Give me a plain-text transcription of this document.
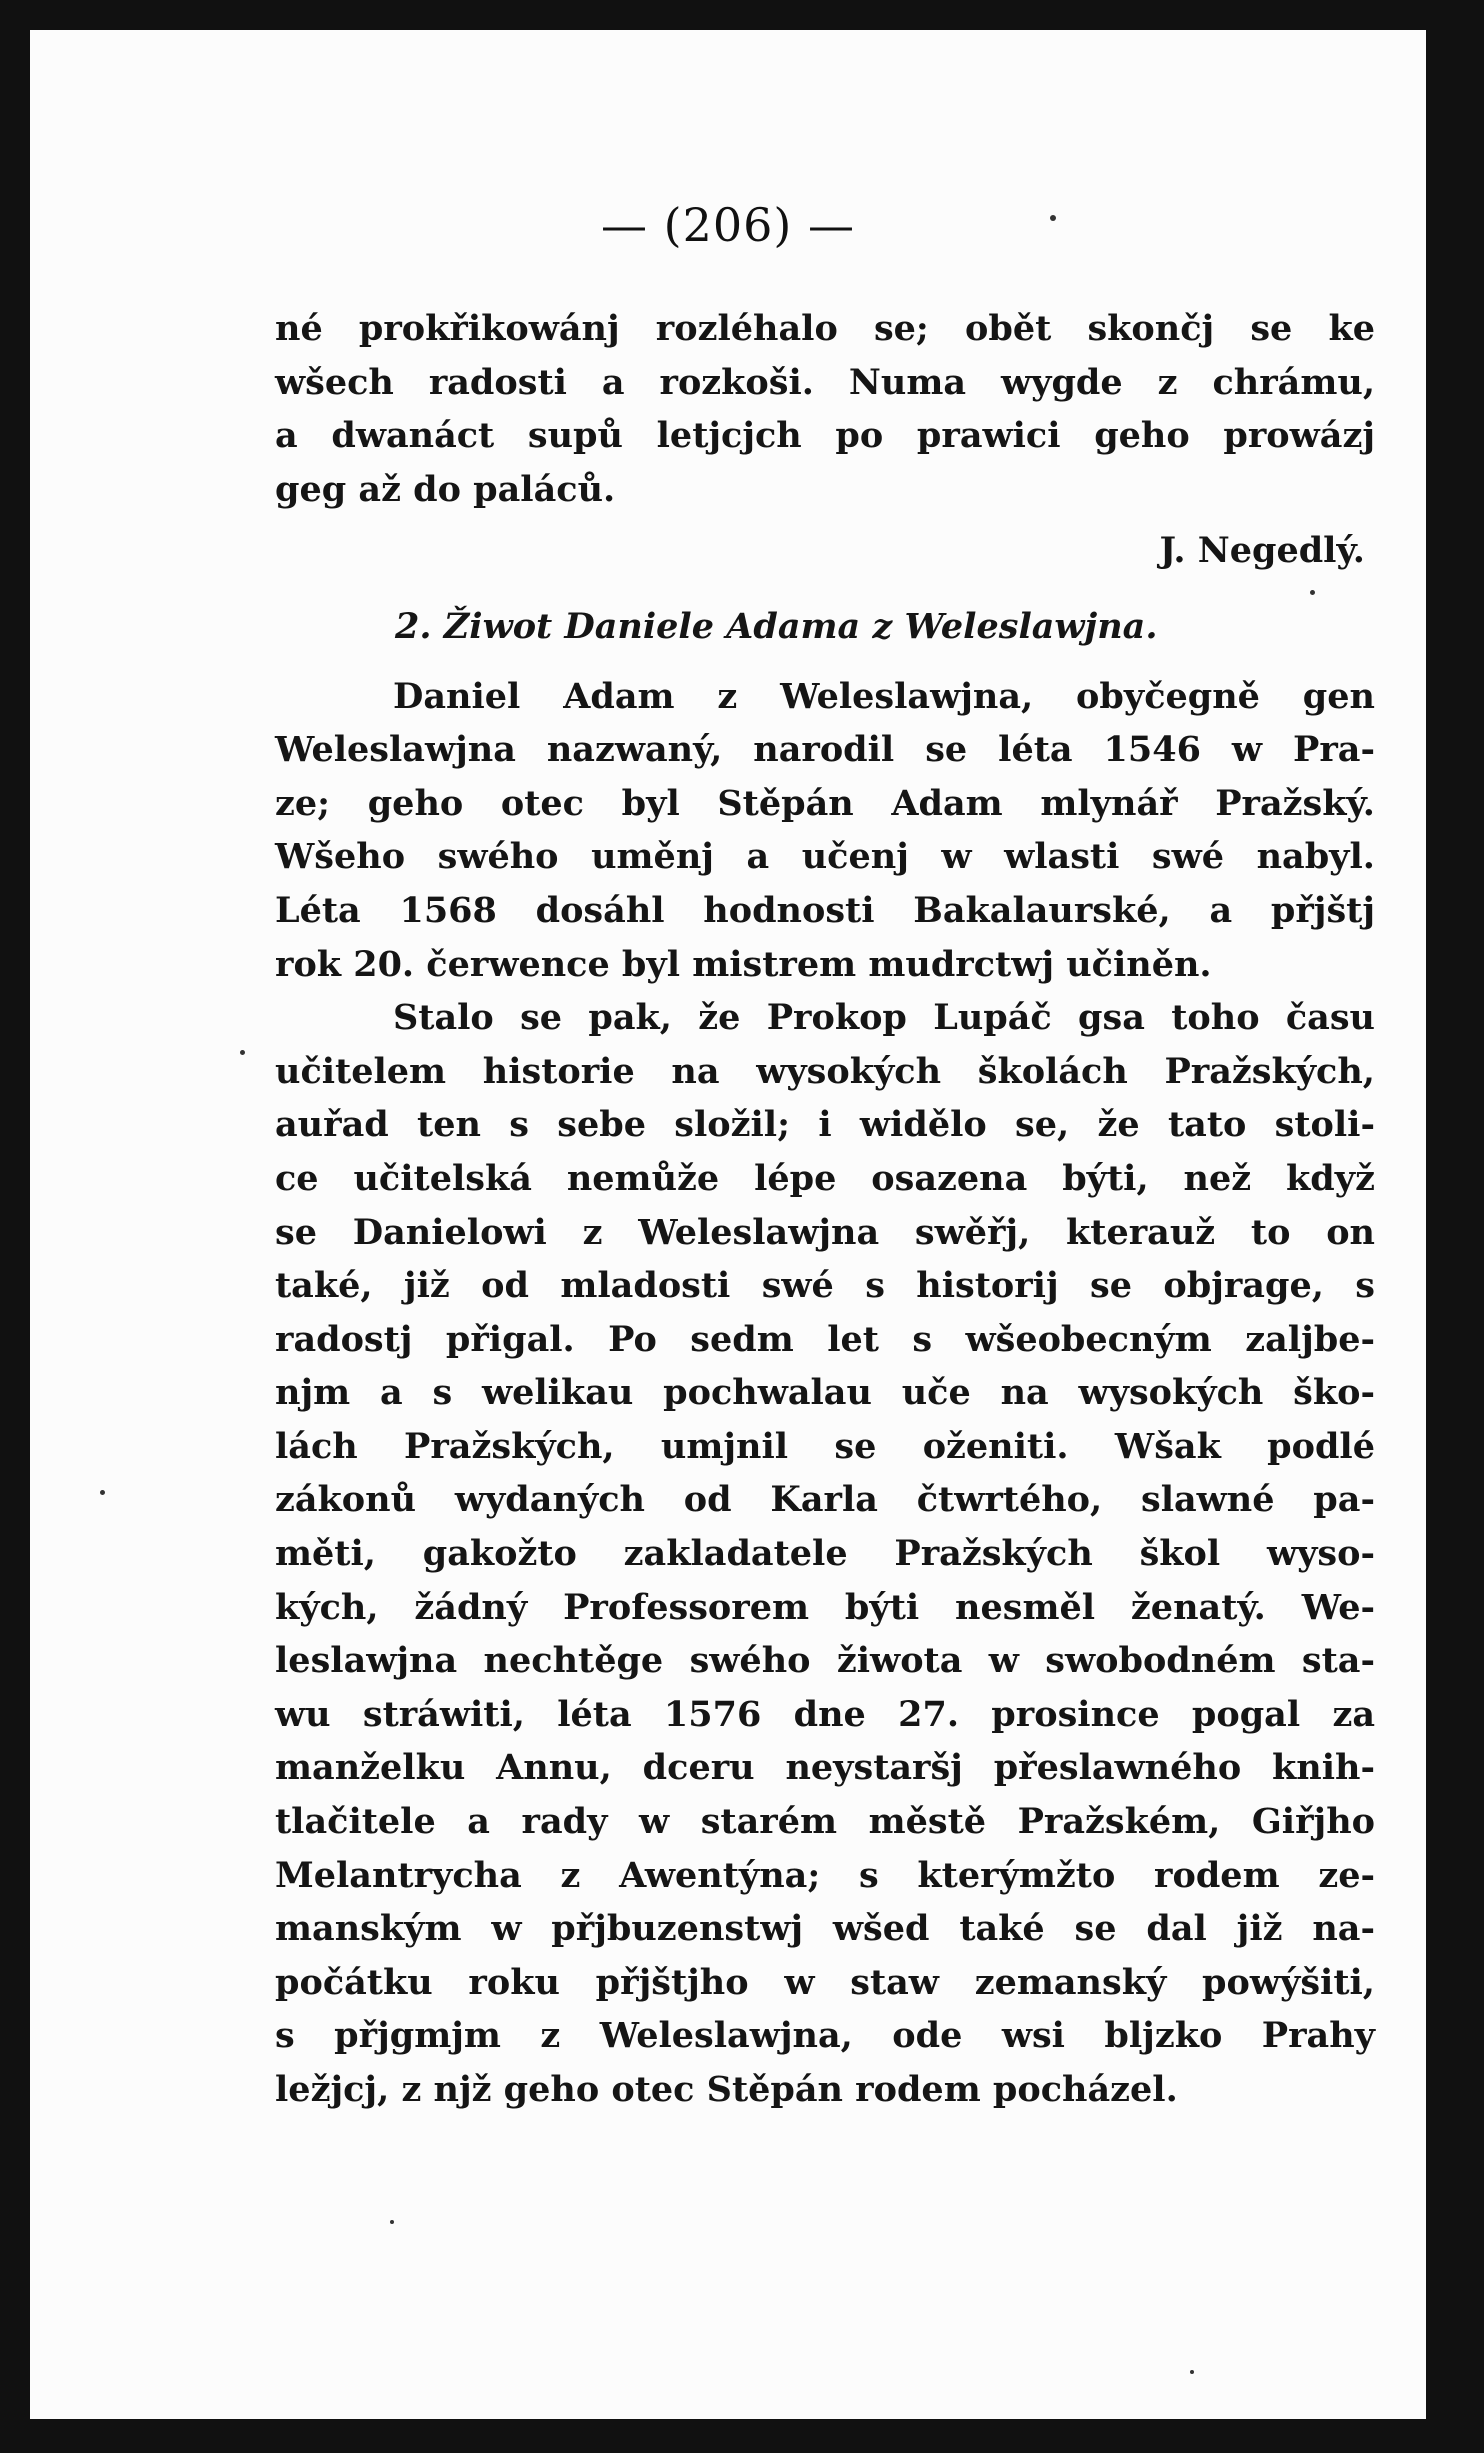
— (206) —
né prokřikowánj rozléhalo se; obět skončj se ke
wšech radosti a rozkoši. Numa wygde z chrámu,
a dwanáct supů letjcjch po prawici geho prowázj
geg až do paláců.
J. Negedlý.
2. Žiwot Daniele Adama z Weleslawjna.
Daniel Adam z Weleslawjna, obyčegně gen
Weleslawjna nazwaný, narodil se léta 1546 w Pra-
ze; geho otec byl Stěpán Adam mlynář Pražský.
Wšeho swého uměnj a učenj w wlasti swé nabyl.
Léta 1568 dosáhl hodnosti Bakalaurské, a přjštj
rok 20. čerwence byl mistrem mudrctwj učiněn.
Stalo se pak, že Prokop Lupáč gsa toho času
učitelem historie na wysokých školách Pražských,
auřad ten s sebe složil; i widělo se, že tato stoli-
ce učitelská nemůže lépe osazena býti, než když
se Danielowi z Weleslawjna swěřj, kterauž to on
také, již od mladosti swé s historij se objrage, s
radostj přigal. Po sedm let s wšeobecným zaljbe-
njm a s welikau pochwalau uče na wysokých ško-
lách Pražských, umjnil se oženiti. Wšak podlé
zákonů wydaných od Karla čtwrtého, slawné pa-
měti, gakožto zakladatele Pražských škol wyso-
kých, žádný Professorem býti nesměl ženatý. We-
leslawjna nechtěge swého žiwota w swobodném sta-
wu stráwiti, léta 1576 dne 27. prosince pogal za
manželku Annu, dceru neystaršj přeslawného knih-
tlačitele a rady w starém městě Pražském, Giřjho
Melantrycha z Awentýna; s kterýmžto rodem ze-
manským w přjbuzenstwj wšed také se dal již na-
počátku roku přjštjho w staw zemanský powýšiti,
s přjgmjm z Weleslawjna, ode wsi bljzko Prahy
ležjcj, z njž geho otec Stěpán rodem pocházel.
